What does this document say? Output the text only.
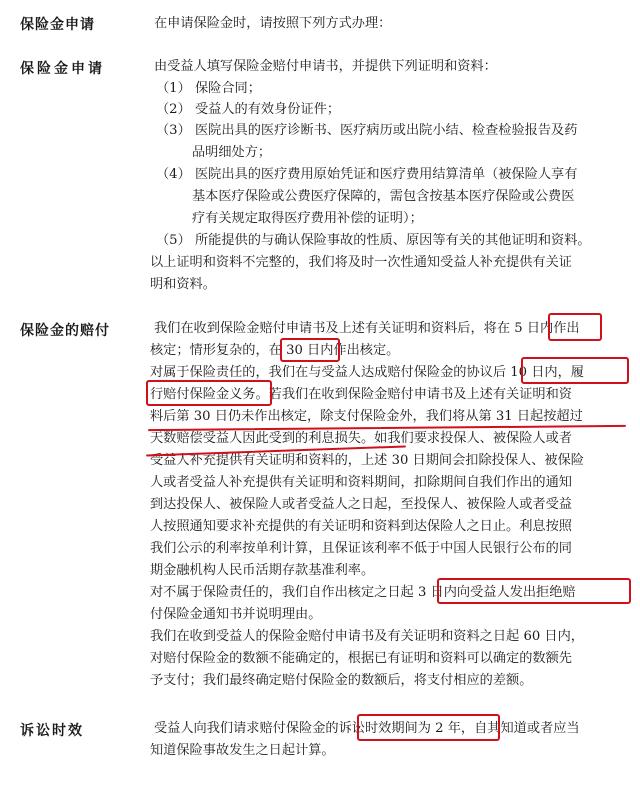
保险金申请	在申请保险金时，请按照下列方式办理：
保险金申请	由受益人填写保险金赔付申请书，并提供下列证明和资料：
（1） 保险合同；
（2） 受益人的有效身份证件；
（3） 医院出具的医疗诊断书、医疗病历或出院小结、检查检验报告及药
品明细处方；
（4） 医院出具的医疗费用原始凭证和医疗费用结算清单（被保险人享有
基本医疗保险或公费医疗保障的，需包含按基本医疗保险或公费医
疗有关规定取得医疗费用补偿的证明）；
（5） 所能提供的与确认保险事故的性质、原因等有关的其他证明和资料。
以上证明和资料不完整的，我们将及时一次性通知受益人补充提供有关证
明和资料。
保险金的赔付	我们在收到保险金赔付申请书及上述有关证明和资料后，将在 5 日内作出
核定；情形复杂的，在 30 日内作出核定。
对属于保险责任的，我们在与受益人达成赔付保险金的协议后 10 日内，履
行赔付保险金义务。若我们在收到保险金赔付申请书及上述有关证明和资
料后第 30 日仍未作出核定，除支付保险金外，我们将从第 31 日起按超过
天数赔偿受益人因此受到的利息损失。如我们要求投保人、被保险人或者
受益人补充提供有关证明和资料的，上述 30 日期间会扣除投保人、被保险
人或者受益人补充提供有关证明和资料期间，扣除期间自我们作出的通知
到达投保人、被保险人或者受益人之日起，至投保人、被保险人或者受益
人按照通知要求补充提供的有关证明和资料到达保险人之日止。利息按照
我们公示的利率按单利计算，且保证该利率不低于中国人民银行公布的同
期金融机构人民币活期存款基准利率。
对不属于保险责任的，我们自作出核定之日起 3 日内向受益人发出拒绝赔
付保险金通知书并说明理由。
我们在收到受益人的保险金赔付申请书及有关证明和资料之日起 60 日内，
对赔付保险金的数额不能确定的，根据已有证明和资料可以确定的数额先
予支付；我们最终确定赔付保险金的数额后，将支付相应的差额。
诉讼时效	受益人向我们请求赔付保险金的诉讼时效期间为 2 年，自其知道或者应当
知道保险事故发生之日起计算。
